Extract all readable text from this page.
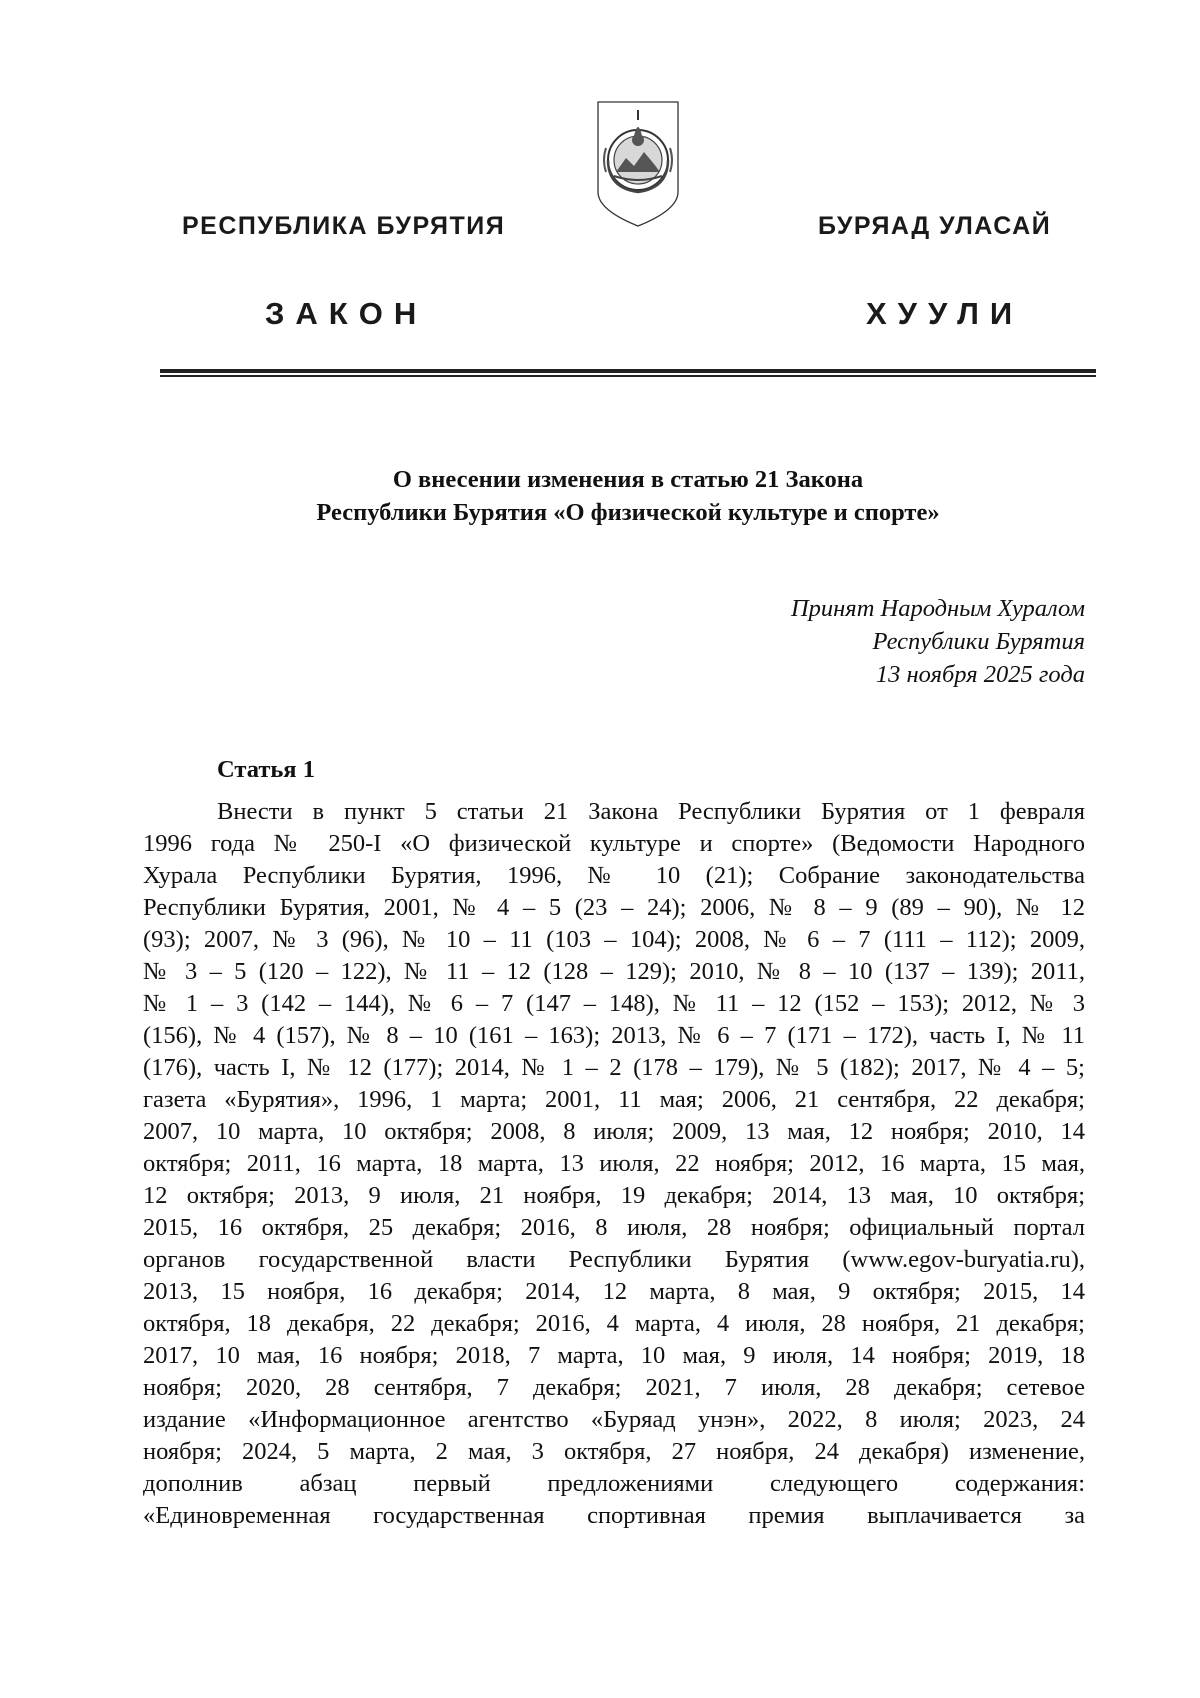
РЕСПУБЛИКА БУРЯТИЯ	БУРЯАД УЛАСАЙ
ЗАКОН	ХУУЛИ
О внесении изменения в статью 21 Закона
Республики Бурятия «О физической культуре и спорте»
Принят Народным Хуралом
Республики Бурятия
13 ноября 2025 года
Статья 1
Внести в пункт 5 статьи 21 Закона Республики Бурятия от 1 февраля
1996 года № 250-I «О физической культуре и спорте» (Ведомости Народного
Хурала Республики Бурятия, 1996, № 10 (21); Собрание законодательства
Республики Бурятия, 2001, № 4 – 5 (23 – 24); 2006, № 8 – 9 (89 – 90), № 12
(93); 2007, № 3 (96), № 10 – 11 (103 – 104); 2008, № 6 – 7 (111 – 112); 2009,
№ 3 – 5 (120 – 122), № 11 – 12 (128 – 129); 2010, № 8 – 10 (137 – 139); 2011,
№ 1 – 3 (142 – 144), № 6 – 7 (147 – 148), № 11 – 12 (152 – 153); 2012, № 3
(156), № 4 (157), № 8 – 10 (161 – 163); 2013, № 6 – 7 (171 – 172), часть I, № 11
(176), часть I, № 12 (177); 2014, № 1 – 2 (178 – 179), № 5 (182); 2017, № 4 – 5;
газета «Бурятия», 1996, 1 марта; 2001, 11 мая; 2006, 21 сентября, 22 декабря;
2007, 10 марта, 10 октября; 2008, 8 июля; 2009, 13 мая, 12 ноября; 2010, 14
октября; 2011, 16 марта, 18 марта, 13 июля, 22 ноября; 2012, 16 марта, 15 мая,
12 октября; 2013, 9 июля, 21 ноября, 19 декабря; 2014, 13 мая, 10 октября;
2015, 16 октября, 25 декабря; 2016, 8 июля, 28 ноября; официальный портал
органов государственной власти Республики Бурятия (www.egov-buryatia.ru),
2013, 15 ноября, 16 декабря; 2014, 12 марта, 8 мая, 9 октября; 2015, 14
октября, 18 декабря, 22 декабря; 2016, 4 марта, 4 июля, 28 ноября, 21 декабря;
2017, 10 мая, 16 ноября; 2018, 7 марта, 10 мая, 9 июля, 14 ноября; 2019, 18
ноября; 2020, 28 сентября, 7 декабря; 2021, 7 июля, 28 декабря; сетевое
издание «Информационное агентство «Буряад унэн», 2022, 8 июля; 2023, 24
ноября; 2024, 5 марта, 2 мая, 3 октября, 27 ноября, 24 декабря) изменение,
дополнив абзац первый предложениями следующего содержания:
«Единовременная государственная спортивная премия выплачивается за
